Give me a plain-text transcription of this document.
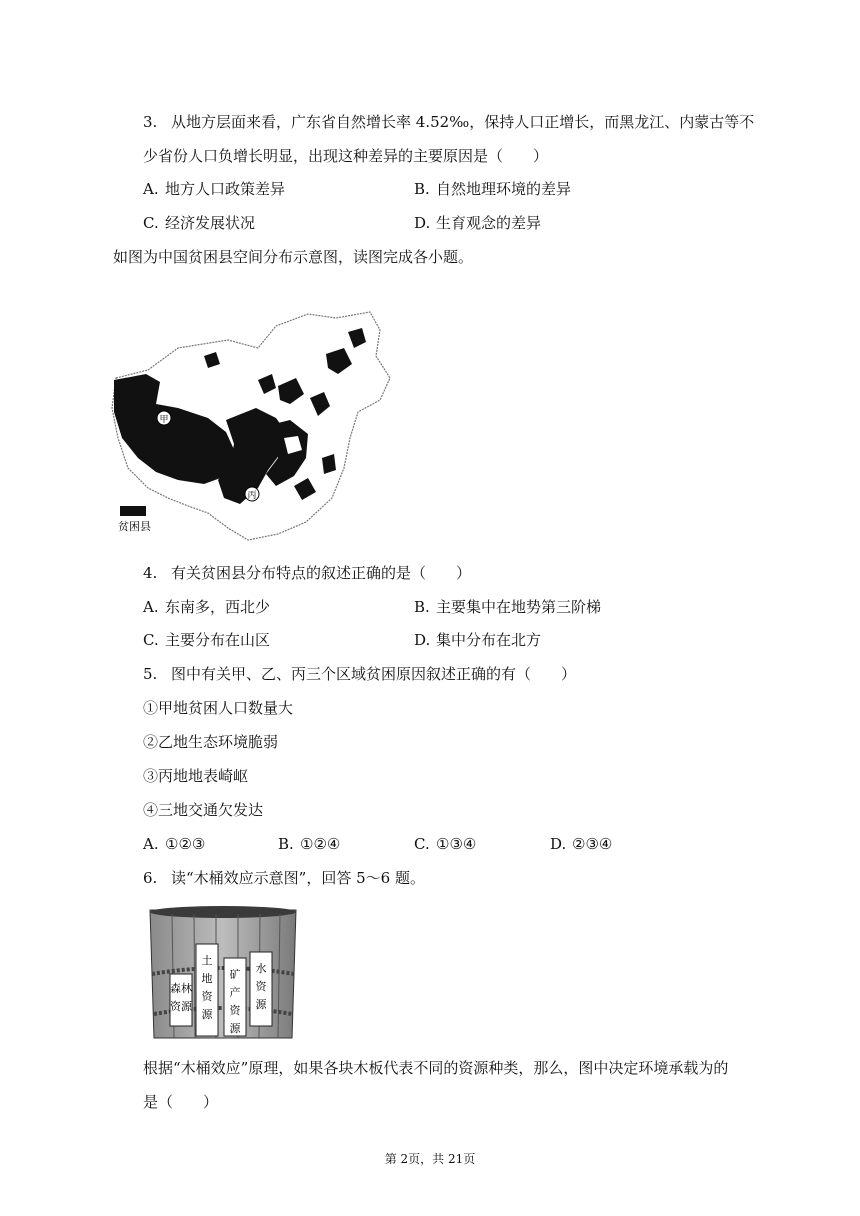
3. 从地方层面来看，广东省自然增长率 4.52‰，保持人口正增长，而黑龙江、内蒙古等不
少省份人口负增长明显，出现这种差异的主要原因是（　　）
A. 地方人口政策差异	B. 自然地理环境的差异
C. 经济发展状况	D. 生育观念的差异
如图为中国贫困县空间分布示意图，读图完成各小题。
甲
丙
贫困县
4. 有关贫困县分布特点的叙述正确的是（　　）
A. 东南多，西北少	B. 主要集中在地势第三阶梯
C. 主要分布在山区	D. 集中分布在北方
5. 图中有关甲、乙、丙三个区域贫困原因叙述正确的有（　　）
①甲地贫困人口数量大
②乙地生态环境脆弱
③丙地地表崎岖
④三地交通欠发达
A. ①②③	B. ①②④	C. ①③④	D. ②③④
6. 读“木桶效应示意图”，回答 5～6 题。
森林
资源
土
地
资
源
矿
产
资
源
水
资
源
根据“木桶效应”原理，如果各块木板代表不同的资源种类，那么，图中决定环境承载为的
是（　　）
第 2页，共 21页
